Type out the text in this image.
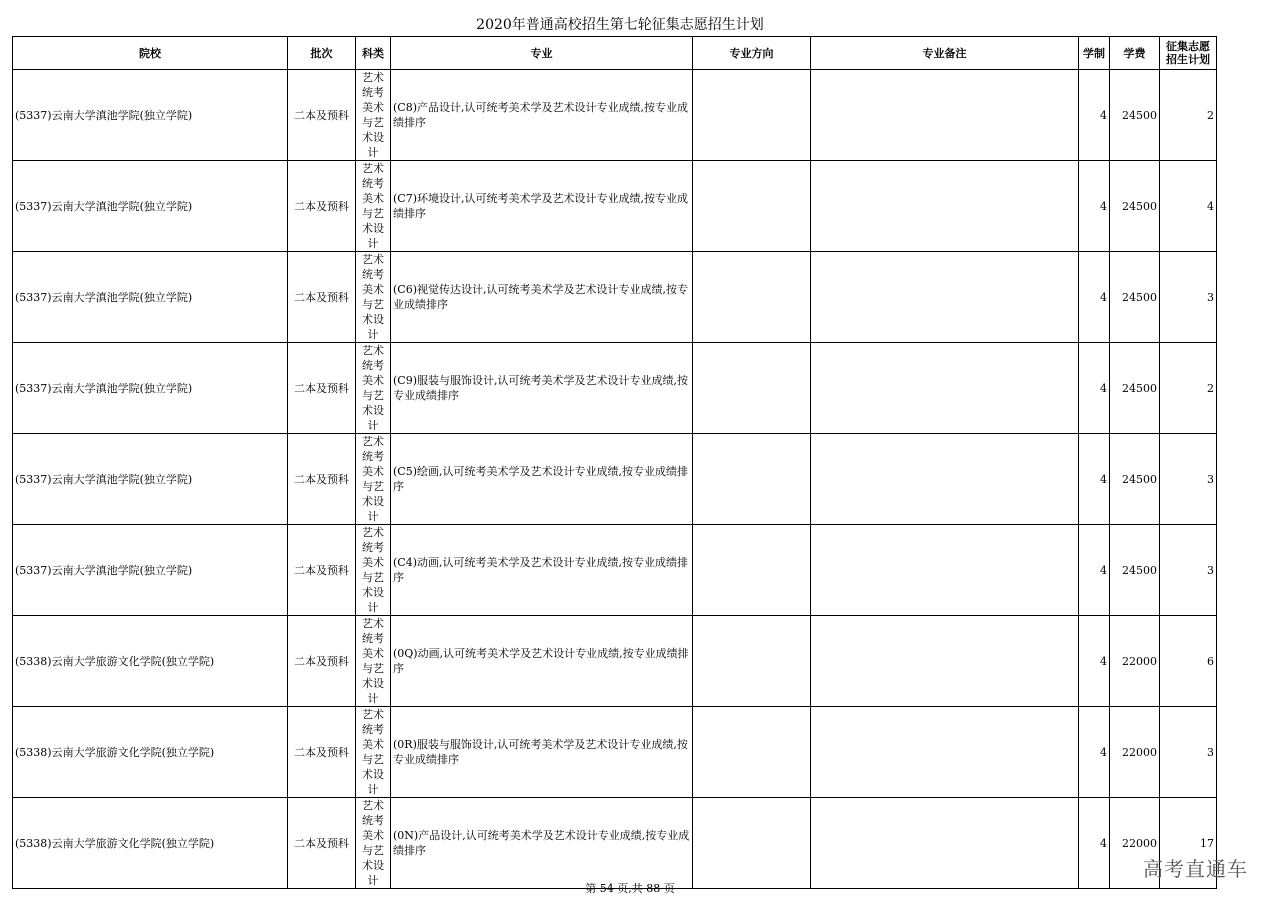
2020年普通高校招生第七轮征集志愿招生计划
院校	批次	科类	专业	专业方向	专业备注	学制	学费	征集志愿招生计划
(5337)云南大学滇池学院(独立学院)	二本及预科	艺术统考美术与艺术设计	(C8)产品设计,认可统考美术学及艺术设计专业成绩,按专业成绩排序			4	24500	2
(5337)云南大学滇池学院(独立学院)	二本及预科	艺术统考美术与艺术设计	(C7)环境设计,认可统考美术学及艺术设计专业成绩,按专业成绩排序			4	24500	4
(5337)云南大学滇池学院(独立学院)	二本及预科	艺术统考美术与艺术设计	(C6)视觉传达设计,认可统考美术学及艺术设计专业成绩,按专业成绩排序			4	24500	3
(5337)云南大学滇池学院(独立学院)	二本及预科	艺术统考美术与艺术设计	(C9)服装与服饰设计,认可统考美术学及艺术设计专业成绩,按专业成绩排序			4	24500	2
(5337)云南大学滇池学院(独立学院)	二本及预科	艺术统考美术与艺术设计	(C5)绘画,认可统考美术学及艺术设计专业成绩,按专业成绩排序			4	24500	3
(5337)云南大学滇池学院(独立学院)	二本及预科	艺术统考美术与艺术设计	(C4)动画,认可统考美术学及艺术设计专业成绩,按专业成绩排序			4	24500	3
(5338)云南大学旅游文化学院(独立学院)	二本及预科	艺术统考美术与艺术设计	(0Q)动画,认可统考美术学及艺术设计专业成绩,按专业成绩排序			4	22000	6
(5338)云南大学旅游文化学院(独立学院)	二本及预科	艺术统考美术与艺术设计	(0R)服装与服饰设计,认可统考美术学及艺术设计专业成绩,按专业成绩排序			4	22000	3
(5338)云南大学旅游文化学院(独立学院)	二本及预科	艺术统考美术与艺术设计	(0N)产品设计,认可统考美术学及艺术设计专业成绩,按专业成绩排序			4	22000	17
高考直通车
第 54 页,共 88 页
